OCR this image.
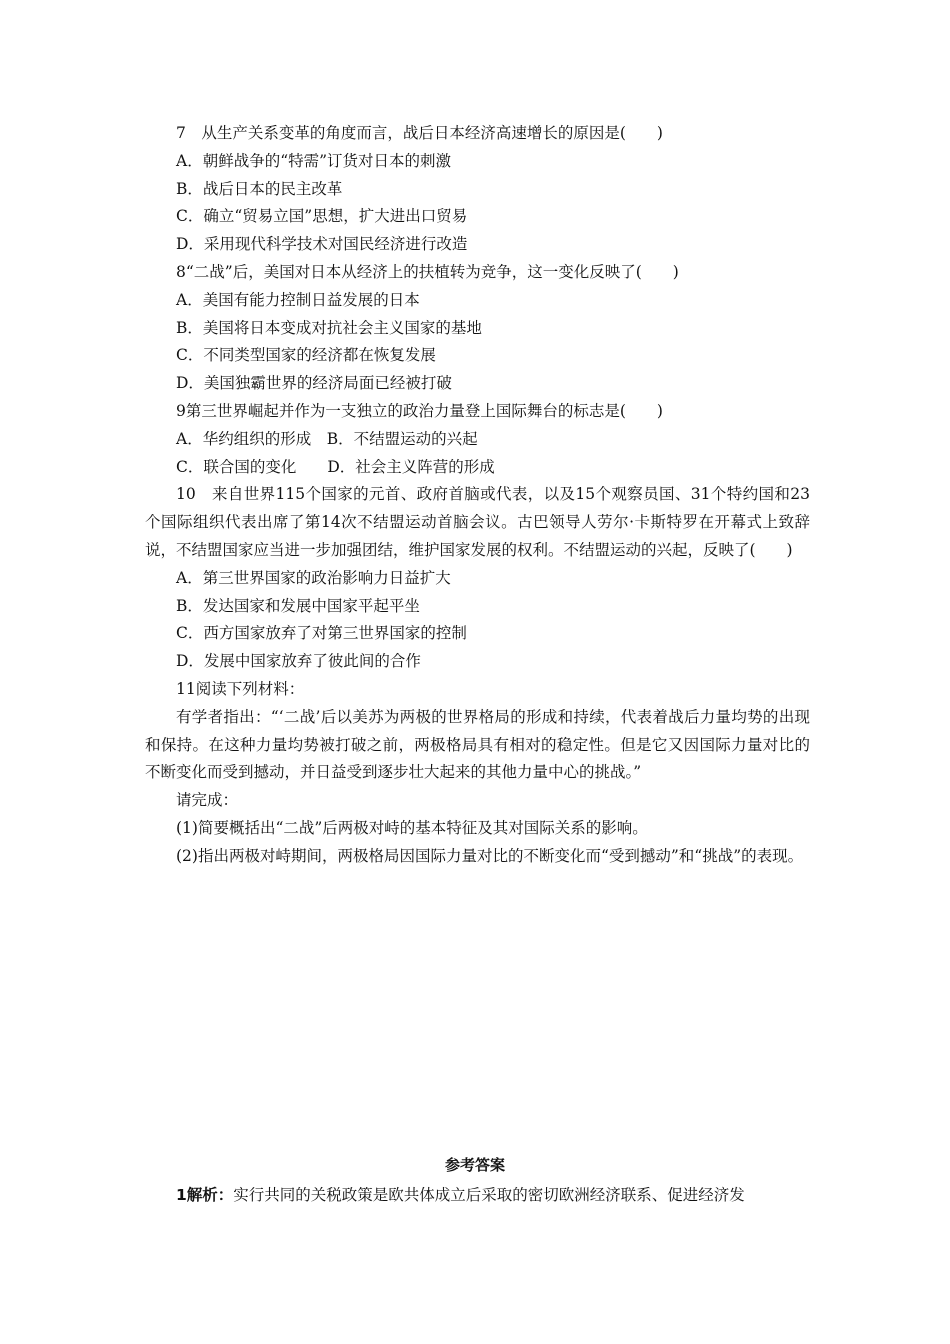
7　从生产关系变革的角度而言，战后日本经济高速增长的原因是(　　)
A．朝鲜战争的“特需”订货对日本的刺激
B．战后日本的民主改革
C．确立“贸易立国”思想，扩大进出口贸易
D．采用现代科学技术对国民经济进行改造
8“二战”后，美国对日本从经济上的扶植转为竞争，这一变化反映了(　　)
A．美国有能力控制日益发展的日本
B．美国将日本变成对抗社会主义国家的基地
C．不同类型国家的经济都在恢复发展
D．美国独霸世界的经济局面已经被打破
9第三世界崛起并作为一支独立的政治力量登上国际舞台的标志是(　　)
A．华约组织的形成　B．不结盟运动的兴起
C．联合国的变化　　D．社会主义阵营的形成
10　来自世界115个国家的元首、政府首脑或代表，以及15个观察员国、31个特约国和23个国际组织代表出席了第14次不结盟运动首脑会议。古巴领导人劳尔·卡斯特罗在开幕式上致辞说，不结盟国家应当进一步加强团结，维护国家发展的权利。不结盟运动的兴起，反映了(　　)
A．第三世界国家的政治影响力日益扩大
B．发达国家和发展中国家平起平坐
C．西方国家放弃了对第三世界国家的控制
D．发展中国家放弃了彼此间的合作
11阅读下列材料：
有学者指出：“‘二战’后以美苏为两极的世界格局的形成和持续，代表着战后力量均势的出现和保持。在这种力量均势被打破之前，两极格局具有相对的稳定性。但是它又因国际力量对比的不断变化而受到撼动，并日益受到逐步壮大起来的其他力量中心的挑战。”
请完成：
(1)简要概括出“二战”后两极对峙的基本特征及其对国际关系的影响。
(2)指出两极对峙期间，两极格局因国际力量对比的不断变化而“受到撼动”和“挑战”的表现。
参考答案
1解析：实行共同的关税政策是欧共体成立后采取的密切欧洲经济联系、促进经济发
